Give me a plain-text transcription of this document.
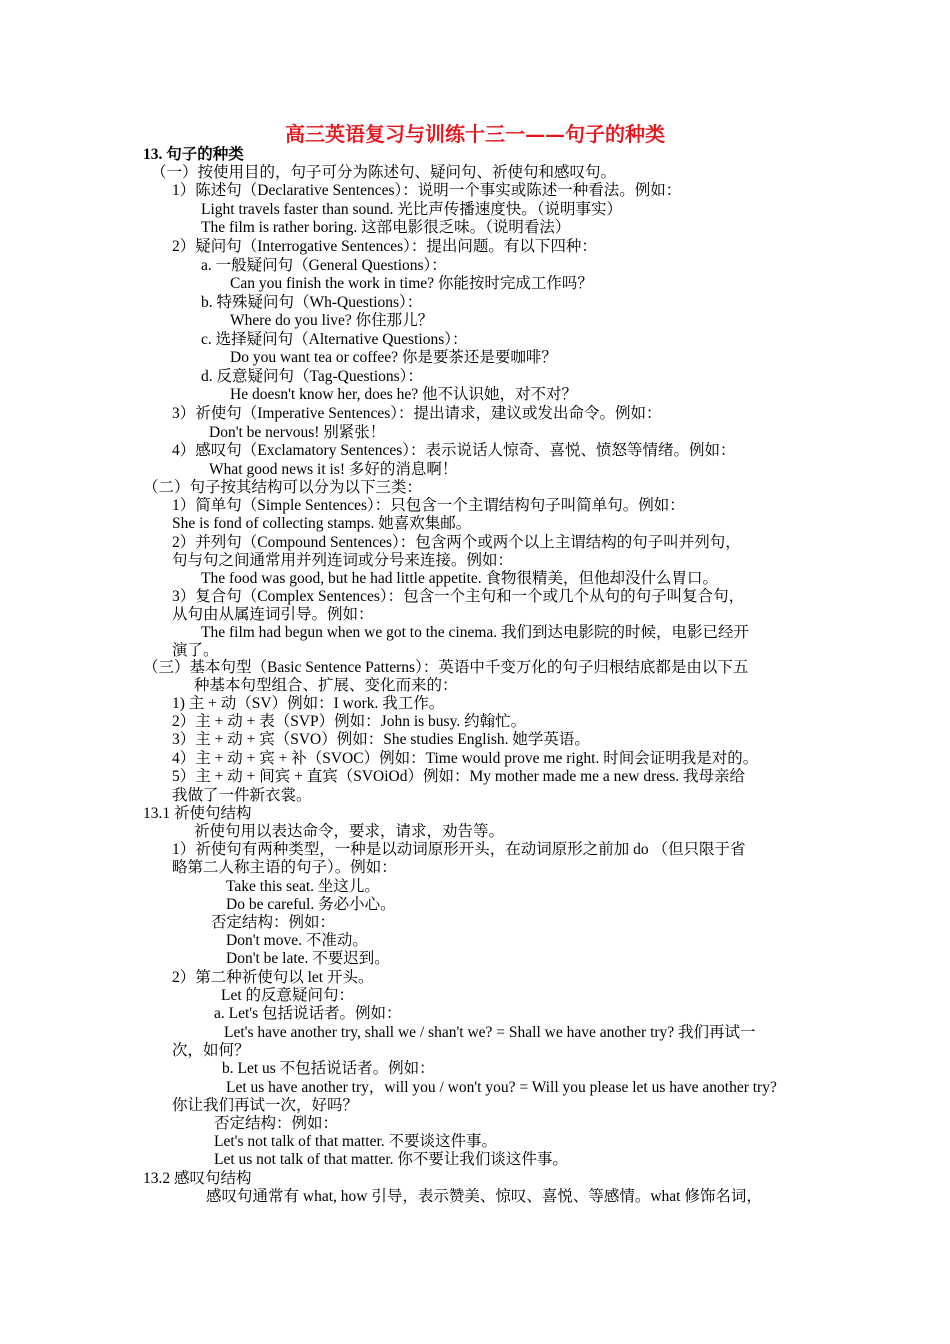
高三英语复习与训练十三一——句子的种类
13. 句子的种类
（一）按使用目的，句子可分为陈述句、疑问句、祈使句和感叹句。
1）陈述句（Declarative Sentences）：说明一个事实或陈述一种看法。例如：
Light travels faster than sound. 光比声传播速度快。（说明事实）
The film is rather boring. 这部电影很乏味。（说明看法）
2）疑问句（Interrogative Sentences）：提出问题。有以下四种：
a. 一般疑问句（General Questions）：
Can you finish the work in time? 你能按时完成工作吗？
b. 特殊疑问句（Wh-Questions）：
Where do you live? 你住那儿？
c. 选择疑问句（Alternative Questions）：
Do you want tea or coffee? 你是要茶还是要咖啡？
d. 反意疑问句（Tag-Questions）：
He doesn't know her, does he? 他不认识她，对不对？
3）祈使句（Imperative Sentences）：提出请求，建议或发出命令。例如：
Don't be nervous! 别紧张！
4）感叹句（Exclamatory Sentences）：表示说话人惊奇、喜悦、愤怒等情绪。例如：
What good news it is! 多好的消息啊！
（二）句子按其结构可以分为以下三类：
1）简单句（Simple Sentences）：只包含一个主谓结构句子叫简单句。例如：
She is fond of collecting stamps. 她喜欢集邮。
2）并列句（Compound Sentences）：包含两个或两个以上主谓结构的句子叫并列句，
句与句之间通常用并列连词或分号来连接。例如：
The food was good, but he had little appetite. 食物很精美，但他却没什么胃口。
3）复合句（Complex Sentences）：包含一个主句和一个或几个从句的句子叫复合句，
从句由从属连词引导。例如：
The film had begun when we got to the cinema. 我们到达电影院的时候，电影已经开
演了。
（三）基本句型（Basic Sentence Patterns）：英语中千变万化的句子归根结底都是由以下五
种基本句型组合、扩展、变化而来的：
1) 主 + 动（SV）例如：I work. 我工作。
2）主 + 动 + 表（SVP）例如：John is busy. 约翰忙。
3）主 + 动 + 宾（SVO）例如：She studies English. 她学英语。
4）主 + 动 + 宾 + 补（SVOC）例如：Time would prove me right. 时间会证明我是对的。
5）主 + 动 + 间宾 + 直宾（SVOiOd）例如：My mother made me a new dress. 我母亲给
我做了一件新衣裳。
13.1 祈使句结构
祈使句用以表达命令，要求，请求，劝告等。
1）祈使句有两种类型，一种是以动词原形开头，在动词原形之前加 do （但只限于省
略第二人称主语的句子）。例如：
Take this seat. 坐这儿。
Do be careful. 务必小心。
否定结构：例如：
Don't move. 不准动。
Don't be late. 不要迟到。
2）第二种祈使句以 let 开头。
Let 的反意疑问句：
a. Let's 包括说话者。例如：
Let's have another try, shall we / shan't we? = Shall we have another try? 我们再试一
次，如何？
b. Let us 不包括说话者。例如：
Let us have another try，will you / won't you? = Will you please let us have another try?
你让我们再试一次，好吗？
否定结构：例如：
Let's not talk of that matter. 不要谈这件事。
Let us not talk of that matter. 你不要让我们谈这件事。
13.2 感叹句结构
感叹句通常有 what, how 引导，表示赞美、惊叹、喜悦、等感情。what 修饰名词，
